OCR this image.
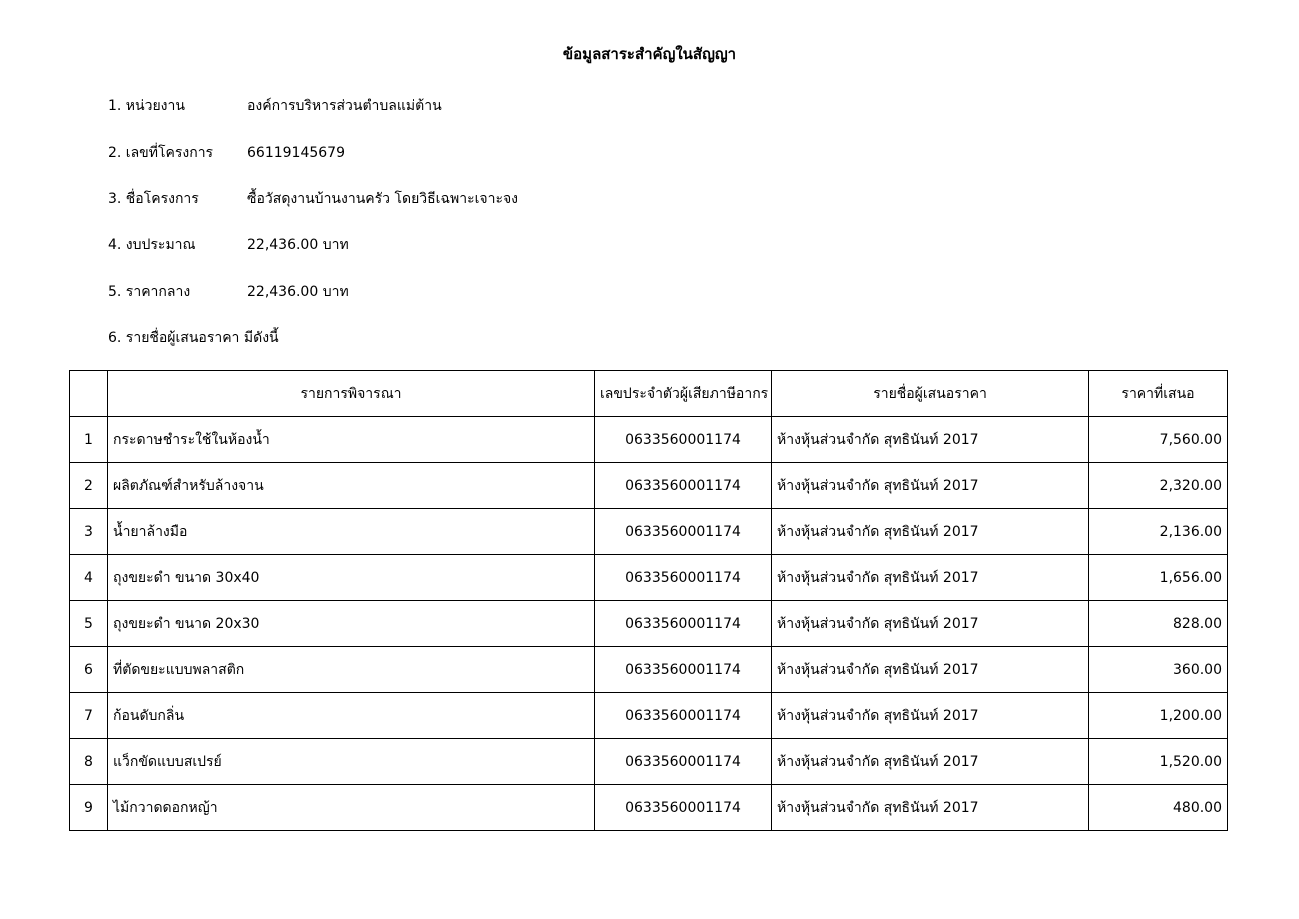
ข้อมูลสาระสำคัญในสัญญา
1. หน่วยงาน	องค์การบริหารส่วนตำบลแม่ต้าน
2. เลขที่โครงการ 66119145679
3. ชื่อโครงการ	ซื้อวัสดุงานบ้านงานครัว โดยวิธีเฉพาะเจาะจง
4. งบประมาณ	22,436.00 บาท
5. ราคากลาง	22,436.00 บาท
6. รายชื่อผู้เสนอราคา มีดังนี้
	รายการพิจารณา	เลขประจำตัวผู้เสียภาษีอากร	รายชื่อผู้เสนอราคา	ราคาที่เสนอ
1	กระดาษชำระใช้ในห้องน้ำ	0633560001174	ห้างหุ้นส่วนจำกัด สุทธินันท์ 2017	7,560.00
2	ผลิตภัณฑ์สำหรับล้างจาน	0633560001174	ห้างหุ้นส่วนจำกัด สุทธินันท์ 2017	2,320.00
3	น้ำยาล้างมือ	0633560001174	ห้างหุ้นส่วนจำกัด สุทธินันท์ 2017	2,136.00
4	ถุงขยะดำ ขนาด 30x40	0633560001174	ห้างหุ้นส่วนจำกัด สุทธินันท์ 2017	1,656.00
5	ถุงขยะดำ ขนาด 20x30	0633560001174	ห้างหุ้นส่วนจำกัด สุทธินันท์ 2017	828.00
6	ที่ตัดขยะแบบพลาสติก	0633560001174	ห้างหุ้นส่วนจำกัด สุทธินันท์ 2017	360.00
7	ก้อนดับกลิ่น	0633560001174	ห้างหุ้นส่วนจำกัด สุทธินันท์ 2017	1,200.00
8	แว็กขัดแบบสเปรย์	0633560001174	ห้างหุ้นส่วนจำกัด สุทธินันท์ 2017	1,520.00
9	ไม้กวาดดอกหญ้า	0633560001174	ห้างหุ้นส่วนจำกัด สุทธินันท์ 2017	480.00
